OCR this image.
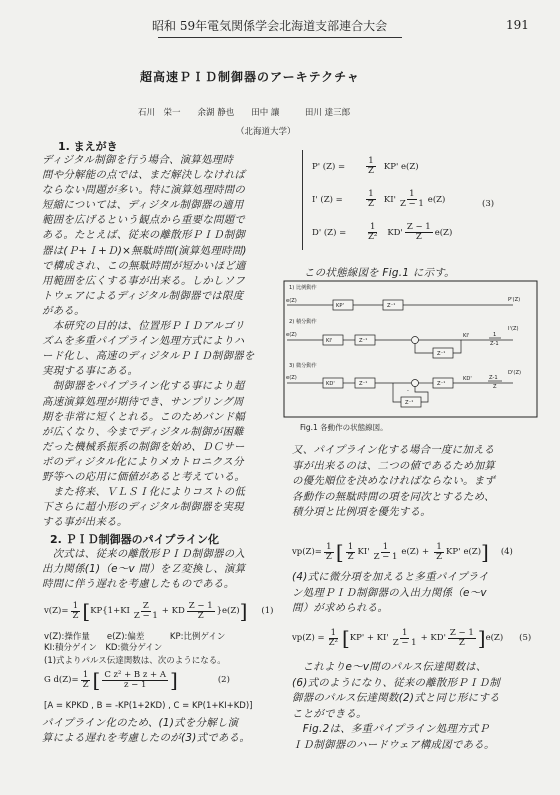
昭和 59年電気関係学会北海道支部連合大会	191
超高速ＰＩＤ制御器のアーキテクチャ
石川　栄一　　余湖 静也　　田中 讓　　　田川 達三郎
（北海道大学）
1. まえがき
ディジタル制御を行う場合、演算処理時
間や分解能の点では、まだ解決しなければ
ならない問題が多い。特に演算処理時間の
短縮については、ディジタル制御器の適用
範囲を広げるという観点から重要な問題で
ある。たとえば、従来の離散形ＰＩＤ制御
器は(Ｐ+Ｉ+Ｄ)×無駄時間(演算処理時間)
で構成され、この無駄時間が短かいほど適
用範囲を広くする事が出来る。しかしソフ
トウェアによるディジタル制御器では限度
がある。
　本研究の目的は、位置形ＰＩＤアルゴリ
ズムを多重パイプライン処理方式によりハ
ード化し、高速のディジタルＰＩＤ制御器を
実現する事にある。
　制御器をパイプライン化する事により超
高速演算処理が期待でき、サンプリング周
期を非常に短くとれる。このためバンド幅
が広くなり、今までディジタル制御が困難
だった機械系振系の制御を始め、ＤＣサー
ボのディジタル化によりメカトロニクス分
野等への応用に価値があると考えている。
　また将来、ＶＬＳＩ化によりコストの低
下さらに超小形のディジタル制御器を実現
する事が出来る。
2. ＰＩＤ制御器のパイプライン化
　次式は、従来の離散形ＰＩＤ制御器の入
出力関係(1)（e～v 間）をＺ変換し、演算
時間に伴う遅れを考慮したものである。
$v(Z)= \frac{1}{Z}$ [ KP {$1+KI \frac{Z}{Z - 1}$ + KD $\frac{Z - 1}{Z} \}e(Z)$ ] (1)
v(Z):操作量　　e(Z):偏差　　　KP:比例ゲイン
KI:積分ゲイン　KD:微分ゲイン
(1)式よりパルス伝達関数は、次のようになる。
G $d(Z)= \frac{1}{Z}$ [ $\frac{\text{C z² + B z + A}}{z - 1}$ ]	(2)
[A = KPKD , B = -KP(1+2KD) , C = KP(1+KI+KD)]
パイプライン化のため、(1)式を分解し演
算による遅れを考慮したのが(3)式である。
P' (Z) =	$\frac{1}{Z} KP'$ e(Z)
I' (Z) =	$\frac{1}{Z} KI' \frac{1}{Z - 1} e(Z)$
D' (Z) =	$\frac{1}{\text{Z²}} KD' \frac{Z - 1}{Z} e(Z)$
(3)
この状態線図を Fig.1 に示す。
1) 比例動作
e(Z)
KP'	Z⁻¹
P'(Z)
2) 積分動作
e(Z)
KI'	Z⁻¹
Z⁻¹
KI'	1
Z-1
I'(Z)
3) 微分動作
e(Z)
KD'	Z⁻¹	Z⁻¹
Z⁻¹
-
KD'	Z-1
Z
D'(Z)
Fig.1 各動作の状態線図。
又、パイプライン化する場合一度に加える
事が出来るのは、二つの値であるため加算
の優先順位を決めなければならない。まず
各動作の無駄時間の項を同次とするため、
積分項と比例項を優先する。
$vp(Z)= \frac{1}{Z}$ [ $\frac{1}{Z} KI' \frac{1}{Z - 1} e(Z) + \frac{1}{Z} KP'$ e(Z) ] (4)
(4)式に微分項を加えると多重パイプライ
ン処理ＰＩＤ制御器の入出力関係（e～v
間）が求められる。
$vp(Z) = \frac{1}{\text{Z²}}$ [ $KP' + KI' \frac{1}{Z - 1} + KD' \frac{Z - 1}{Z}$ ] e(Z) (5)
　これよりe～v間のパルス伝達関数は、
(6)式のようになり、従来の離散形ＰＩＤ制
御器のパルス伝達関数(2)式と同じ形にする
ことができる。
　Fig.2は、多重パイプライン処理方式Ｐ
ＩＤ制御器のハードウェア構成図である。
